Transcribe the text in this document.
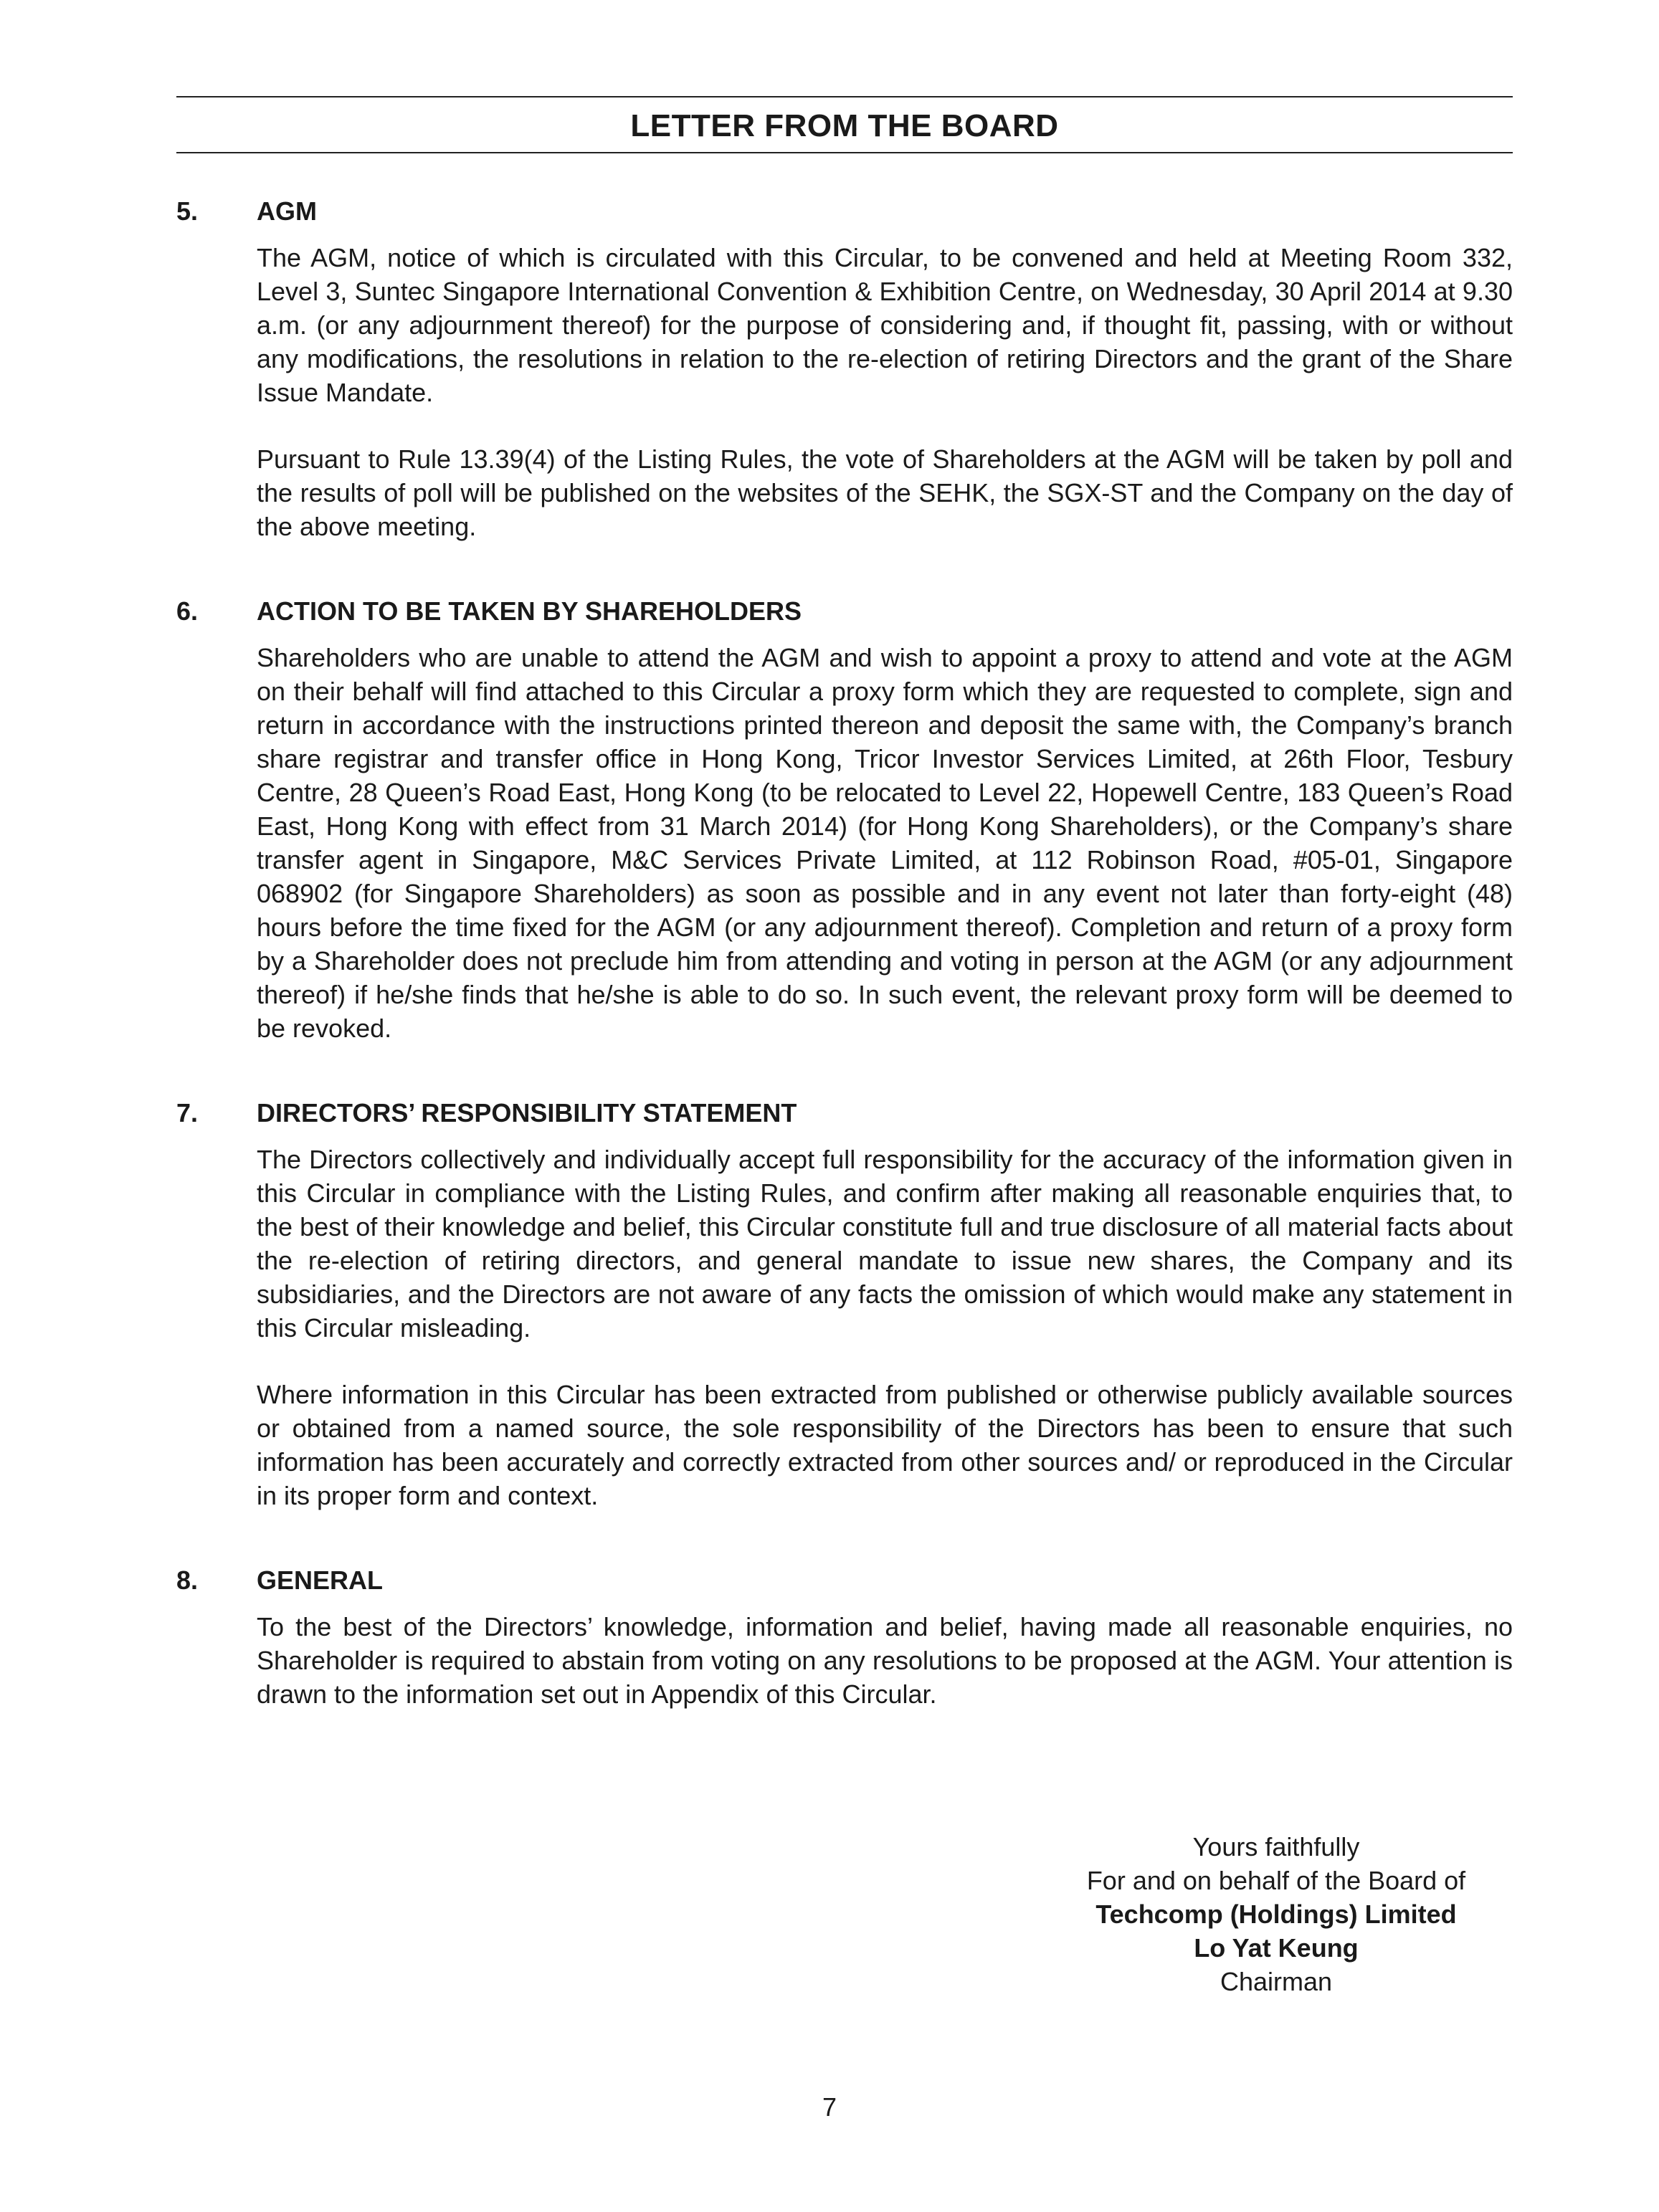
LETTER FROM THE BOARD
5.	AGM

The AGM, notice of which is circulated with this Circular, to be convened and held at Meeting Room 332, Level 3, Suntec Singapore International Convention & Exhibition Centre, on Wednesday, 30 April 2014 at 9.30 a.m. (or any adjournment thereof) for the purpose of considering and, if thought fit, passing, with or without any modifications, the resolutions in relation to the re-election of retiring Directors and the grant of the Share Issue Mandate.

Pursuant to Rule 13.39(4) of the Listing Rules, the vote of Shareholders at the AGM will be taken by poll and the results of poll will be published on the websites of the SEHK, the SGX-ST and the Company on the day of the above meeting.

6.	ACTION TO BE TAKEN BY SHAREHOLDERS

Shareholders who are unable to attend the AGM and wish to appoint a proxy to attend and vote at the AGM on their behalf will find attached to this Circular a proxy form which they are requested to complete, sign and return in accordance with the instructions printed thereon and deposit the same with, the Company’s branch share registrar and transfer office in Hong Kong, Tricor Investor Services Limited, at 26th Floor, Tesbury Centre, 28 Queen’s Road East, Hong Kong (to be relocated to Level 22, Hopewell Centre, 183 Queen’s Road East, Hong Kong with effect from 31 March 2014) (for Hong Kong Shareholders), or the Company’s share transfer agent in Singapore, M&C Services Private Limited, at 112 Robinson Road, #05-01, Singapore 068902 (for Singapore Shareholders) as soon as possible and in any event not later than forty-eight (48) hours before the time fixed for the AGM (or any adjournment thereof). Completion and return of a proxy form by a Shareholder does not preclude him from attending and voting in person at the AGM (or any adjournment thereof) if he/she finds that he/she is able to do so. In such event, the relevant proxy form will be deemed to be revoked.

7.	DIRECTORS’ RESPONSIBILITY STATEMENT

The Directors collectively and individually accept full responsibility for the accuracy of the information given in this Circular in compliance with the Listing Rules, and confirm after making all reasonable enquiries that, to the best of their knowledge and belief, this Circular constitute full and true disclosure of all material facts about the re-election of retiring directors, and general mandate to issue new shares, the Company and its subsidiaries, and the Directors are not aware of any facts the omission of which would make any statement in this Circular misleading.

Where information in this Circular has been extracted from published or otherwise publicly available sources or obtained from a named source, the sole responsibility of the Directors has been to ensure that such information has been accurately and correctly extracted from other sources and/ or reproduced in the Circular in its proper form and context.

8.	GENERAL

To the best of the Directors’ knowledge, information and belief, having made all reasonable enquiries, no Shareholder is required to abstain from voting on any resolutions to be proposed at the AGM. Your attention is drawn to the information set out in Appendix of this Circular.

Yours faithfully
For and on behalf of the Board of
Techcomp (Holdings) Limited
Lo Yat Keung
Chairman
7
